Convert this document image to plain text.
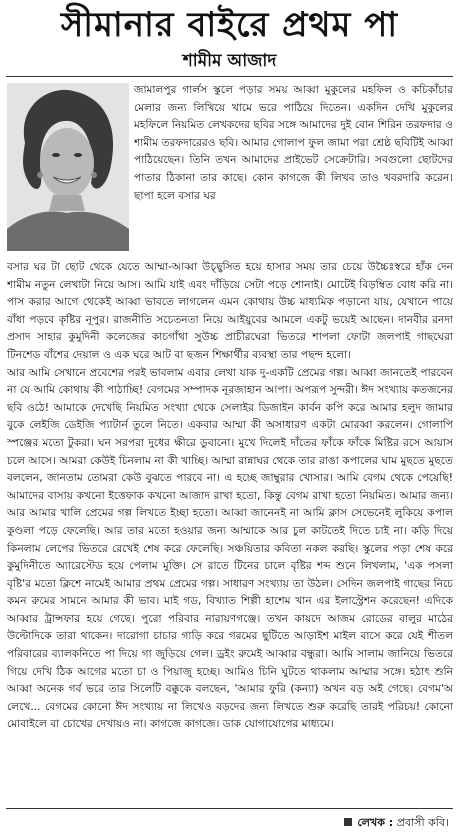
সীমানার বাইরে প্রথম পা
শামীম আজাদ

জামালপুর গার্লস স্কুলে পড়ার সময় আব্বা মুকুলের মহফিল ও কচিকাঁচার মেলার জন্য লিখিয়ে খামে ভরে পাঠিয়ে দিতেন। একদিন দেখি মুকুলের মহফিলে নিয়মিত লেখকদের ছবির সঙ্গে আমাদের দুই বোন শিরিন তরফদার ও শামীম তরফদারেরও ছবি। আমার গোলাপ ফুল জামা পরা শ্রেষ্ঠ ছবিটিই আব্বা পাঠিয়েছেন। তিনি তখন আমাদের প্রাইভেট সেক্রেটারি। সবগুলো ছোটদের পাতার ঠিকানা তার কাছে। কোন কাগজে কী লিখব তাও খবরদারি করেন। ছাপা হলে বসার ঘর

বসার ঘর টা ছোট থেকে যেতে আম্মা-আব্বা উচ্ছ্বসিত হয়ে হাসার সময় তার চেয়ে উচ্চৈঃস্বরে হাঁক দেন শামীম নতুন লেখাটা নিয়ে আস। আমি যাই এবং দাঁড়িয়ে সেটা পড়ে শোনাই। মোটেই বিড়ম্বিত বোধ করি না। পাস করার আগে থেকেই আব্বা ভাবতে লাগলেন এমন কোথায় উচ্চ মাধ্যমিক পড়ানো যায়, যেখানে পায়ে বাঁধা পড়বে কৃষ্টির নূপুর। রাজনীতি সচেতনতা নিয়ে আইয়ুবের আমলে একটু ভয়েই আছেন। দানবীর রনদা প্রসাদ সাহার কুমুদিনী কলেজের কাচগাঁথা সুউচ্চ প্রাচীরঘেরা ভিতরে শাপলা ফোটা জলপাই গাছঘেরা টিনশেড বাঁশের দেয়াল ও এক ঘরে আট বা ছজন শিক্ষার্থীর ব্যবস্থা তার পছন্দ হলো।

আর আমি সেখানে প্রবেশের পরই ভাবলাম এবার লেখা যাক দু-একটি প্রেমের গল্প। আব্বা জানতেই পারবেন না যে আমি কোথায় কী পাঠাচ্ছি! বেগমের সম্পাদক নূরজাহান আপা। অপরূপ সুন্দরী। ঈদ সংখ্যায় কতজনের ছবি ওঠে! আমাকে দেখেছি নিয়মিত সংখ্যা থেকে সেলাইর ডিজাইন কার্বন কপি করে আমার হলুদ জামার বুকে লেইজি ডেইজি প্যাটার্ন তুলে নিতে। একবার আম্মা কী অসাধারণ একটা মোরব্বা করলেন। গোলাপি স্পঞ্জের মতো টুকরা। ঘন সরপরা দুধের ক্ষীরে ডুবানো। মুখে দিলেই দাঁতের ফাঁকে ফাঁকে মিষ্টির রসে আয়াস চলে আসে। আমরা কেউই চিনলাম না কী খাচ্ছি। আম্মা রান্নাঘর থেকে তার রাঙা কপালের ঘাম মুছতে মুছতে বললেন, জানতাম তোমরা কেউ বুঝতে পারবে না। এ হচ্ছে জাম্বুরার খোসার। আমি বেগম থেকে পেয়েছি! আমাদের বাসায় কখনো ইত্তেফাক কখনো আজাদ রাখা হতো, কিন্তু বেগম রাখা হতো নিয়মিত। আমার জন্য। আর আমার খালি প্রেমের গল্প লিখতে ইচ্ছা হতো। আব্বা জানেনই না আমি ক্লাস সেভেনেই লুকিয়ে কপাল কুণ্ডলা পড়ে ফেলেছি। আর তার মতো হওয়ার জন্য আম্মাকে আর চুল কাটতেই দিতে চাই না। কড়ি দিয়ে কিনলাম লেপের ভিতরে রেখেই শেষ করে ফেলেছি। সঞ্চয়িতার কবিতা নকল করছি। স্কুলের পড়া শেষ করে কুমুদিনীতে অ্যারেস্টেড হয়ে পেলাম মুক্তি। সে রাতে টিনের চালে বৃষ্টির শব্দ শুনে লিখলাম, 'এক পসলা বৃষ্টি'র মতো ক্লিশে নামেই আমার প্রথম প্রেমের গল্প। সাধারণ সংখ্যায় তা উঠল। সেদিন জলপাই গাছের নিচে কমন রুমের সামনে আমার কী ভাব। মাই গড, বিখ্যাত শিল্পী হাশেম খান এর ইলাস্ট্রেশন করেছেন! এদিকে আব্বার ট্রান্সফার হয়ে গেছে। পুরো পরিবার নারায়ণগঞ্জে। তখন কায়দে আজম রোডের বালুর মাঠের উল্টোদিকে তারা থাকেন। দারোগা চাচার গাড়ি করে গরমের ছুটিতে আড়াইশ মাইল বাসে করে যেই শীতল পরিবারের ব্যালকনিতে পা দিয়ে গা জুড়িয়ে গেল। ড্রইং রুমেই আব্বার বন্ধুরা। আমি সালাম জানিয়ে ভিতরে গিয়ে দেখি ঠিক আগের মতো চা ও পিয়াজু হচ্ছে। আমিও চিনি ঘুটতে থাকলাম আম্মার সঙ্গে। হঠাৎ শুনি আব্বা অনেক গর্ব ভরে তার সিলেটি বক্কুকে বলছেন, 'আমার ফুরি (কন্যা) অখন বড় অই গেছে। বেগম'অ লেখে... বেগমের কোনো ঈদ সংখ্যায় না লিখেও বড়দের জন্য লিখতে শুরু করেছি তারই পরিচয়! কোনো মোবাইলে বা চোখের দেখায়ও না। কাগজে কাগজে। ডাক যোগাযোগের মাধ্যমে।

লেখক : প্রবাসী কবি।
